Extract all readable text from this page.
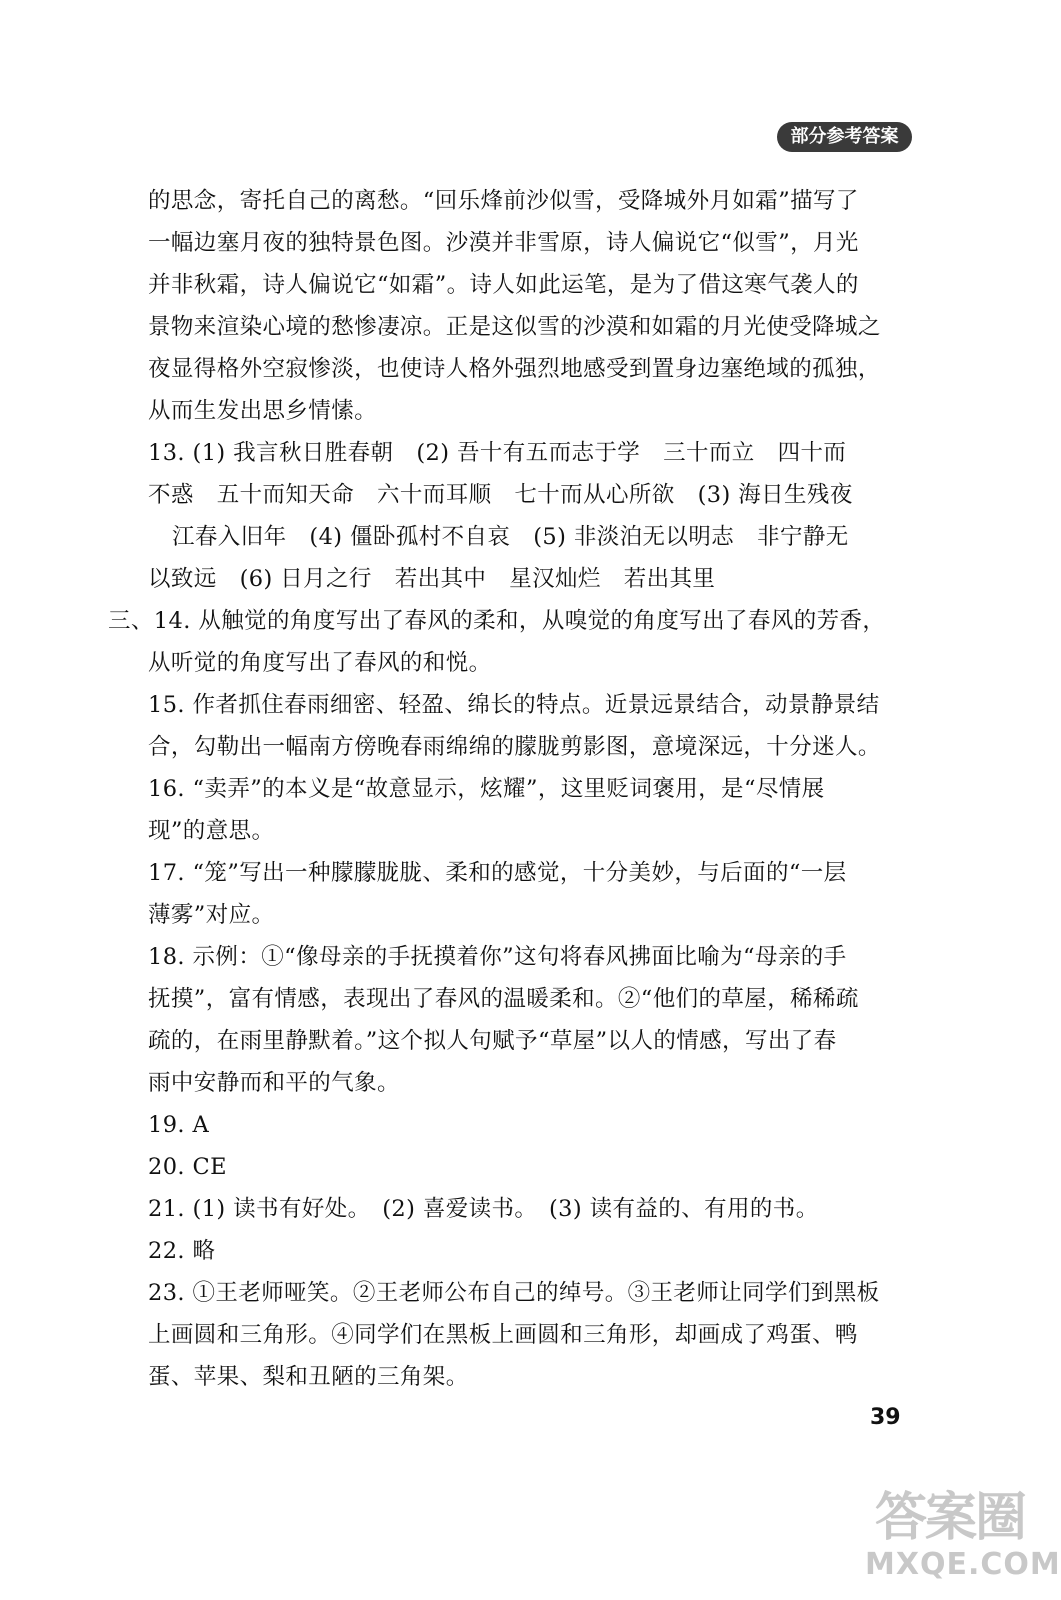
部分参考答案
的思念，寄托自己的离愁。“回乐烽前沙似雪，受降城外月如霜”描写了
一幅边塞月夜的独特景色图。沙漠并非雪原，诗人偏说它“似雪”，月光
并非秋霜，诗人偏说它“如霜”。诗人如此运笔，是为了借这寒气袭人的
景物来渲染心境的愁惨凄凉。正是这似雪的沙漠和如霜的月光使受降城之
夜显得格外空寂惨淡，也使诗人格外强烈地感受到置身边塞绝域的孤独，
从而生发出思乡情愫。
13. (1) 我言秋日胜春朝　(2) 吾十有五而志于学　三十而立　四十而
不惑　五十而知天命　六十而耳顺　七十而从心所欲　(3) 海日生残夜
江春入旧年　(4) 僵卧孤村不自哀　(5) 非淡泊无以明志　非宁静无
以致远　(6) 日月之行　若出其中　星汉灿烂　若出其里
三、14. 从触觉的角度写出了春风的柔和，从嗅觉的角度写出了春风的芳香，
从听觉的角度写出了春风的和悦。
15. 作者抓住春雨细密、轻盈、绵长的特点。近景远景结合，动景静景结
合，勾勒出一幅南方傍晚春雨绵绵的朦胧剪影图，意境深远，十分迷人。
16. “卖弄”的本义是“故意显示，炫耀”，这里贬词褒用，是“尽情展
现”的意思。
17. “笼”写出一种朦朦胧胧、柔和的感觉，十分美妙，与后面的“一层
薄雾”对应。
18. 示例：①“像母亲的手抚摸着你”这句将春风拂面比喻为“母亲的手
抚摸”，富有情感，表现出了春风的温暖柔和。②“他们的草屋，稀稀疏
疏的，在雨里静默着。”这个拟人句赋予“草屋”以人的情感，写出了春
雨中安静而和平的气象。
19. A
20. CE
21. (1) 读书有好处。　(2) 喜爱读书。　(3) 读有益的、有用的书。
22. 略
23. ①王老师哑笑。②王老师公布自己的绰号。③王老师让同学们到黑板
上画圆和三角形。④同学们在黑板上画圆和三角形，却画成了鸡蛋、鸭
蛋、苹果、梨和丑陋的三角架。
39
答案圈
MXQE.COM
